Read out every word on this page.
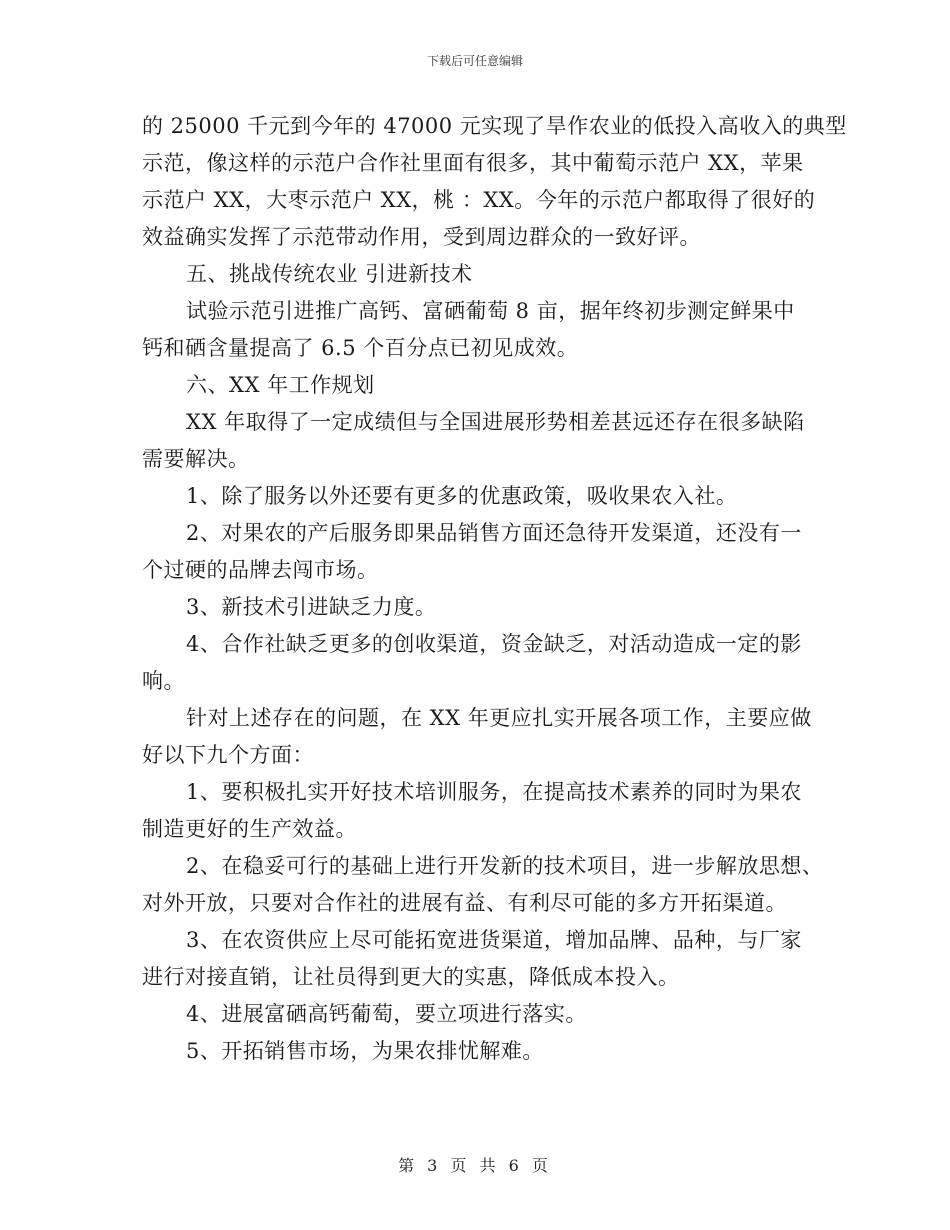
下载后可任意编辑
的 25000 千元到今年的 47000 元实现了旱作农业的低投入高收入的典型
示范，像这样的示范户合作社里面有很多，其中葡萄示范户 XX，苹果
示范户 XX，大枣示范户 XX，桃 ：XX。今年的示范户都取得了很好的
效益确实发挥了示范带动作用，受到周边群众的一致好评。
五、挑战传统农业 引进新技术
试验示范引进推广高钙、富硒葡萄 8 亩，据年终初步测定鲜果中
钙和硒含量提高了 6.5 个百分点已初见成效。
六、XX 年工作规划
XX 年取得了一定成绩但与全国进展形势相差甚远还存在很多缺陷
需要解决。
1、除了服务以外还要有更多的优惠政策，吸收果农入社。
2、对果农的产后服务即果品销售方面还急待开发渠道，还没有一
个过硬的品牌去闯市场。
3、新技术引进缺乏力度。
4、合作社缺乏更多的创收渠道，资金缺乏，对活动造成一定的影
响。
针对上述存在的问题，在 XX 年更应扎实开展各项工作，主要应做
好以下九个方面：
1、要积极扎实开好技术培训服务，在提高技术素养的同时为果农
制造更好的生产效益。
2、在稳妥可行的基础上进行开发新的技术项目，进一步解放思想、
对外开放，只要对合作社的进展有益、有利尽可能的多方开拓渠道。
3、在农资供应上尽可能拓宽进货渠道，增加品牌、品种，与厂家
进行对接直销，让社员得到更大的实惠，降低成本投入。
4、进展富硒高钙葡萄，要立项进行落实。
5、开拓销售市场，为果农排忧解难。
第 3 页 共 6 页
